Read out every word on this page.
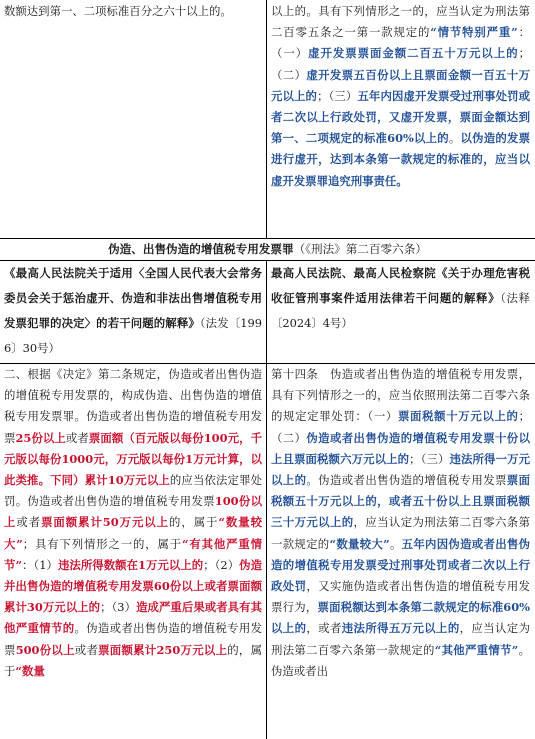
数额达到第一、二项标准百分之六十以上的。	以上的。具有下列情形之一的，应当认定为刑法第二百零五条之一第一款规定的“情节特别严重”：（一）虚开发票票面金额二百五十万元以上的；（二）虚开发票五百份以上且票面金额一百五十万元以上的；（三）五年内因虚开发票受过刑事处罚或者二次以上行政处罚，又虚开发票，票面金额达到第一、二项规定的标准60%以上的。以伪造的发票进行虚开，达到本条第一款规定的标准的，应当以虚开发票罪追究刑事责任。
伪造、出售伪造的增值税专用发票罪（《刑法》第二百零六条）
《最高人民法院关于适用〈全国人民代表大会常务委员会关于惩治虚开、伪造和非法出售增值税专用发票犯罪的决定〉的若干问题的解释》（法发〔1996〕30号）
最高人民法院、最高人民检察院《关于办理危害税收征管刑事案件适用法律若干问题的解释》（法释〔2024〕4号）
二、根据《决定》第二条规定，伪造或者出售伪造的增值税专用发票的，构成伪造、出售伪造的增值税专用发票罪。伪造或者出售伪造的增值税专用发票25份以上或者票面额（百元版以每份100元，千元版以每份1000元，万元版以每份1万元计算，以此类推。下同）累计10万元以上的应当依法定罪处罚。伪造或者出售伪造的增值税专用发票100份以上或者票面额累计50万元以上的，属于“数量较大”；具有下列情形之一的，属于“有其他严重情节”：（1）违法所得数额在1万元以上的；（2）伪造并出售伪造的增值税专用发票60份以上或者票面额累计30万元以上的；（3）造成严重后果或者具有其他严重情节的。伪造或者出售伪造的增值税专用发票500份以上或者票面额累计250万元以上的，属于“数量
第十四条　伪造或者出售伪造的增值税专用发票，具有下列情形之一的，应当依照刑法第二百零六条的规定定罪处罚：（一）票面税额十万元以上的；（二）伪造或者出售伪造的增值税专用发票十份以上且票面税额六万元以上的；（三）违法所得一万元以上的。伪造或者出售伪造的增值税专用发票票面税额五十万元以上的，或者五十份以上且票面税额三十万元以上的，应当认定为刑法第二百零六条第一款规定的“数量较大”。五年内因伪造或者出售伪造的增值税专用发票受过刑事处罚或者二次以上行政处罚，又实施伪造或者出售伪造的增值税专用发票行为，票面税额达到本条第二款规定的标准60%以上的，或者违法所得五万元以上的，应当认定为刑法第二百零六条第一款规定的“其他严重情节”。伪造或者出
